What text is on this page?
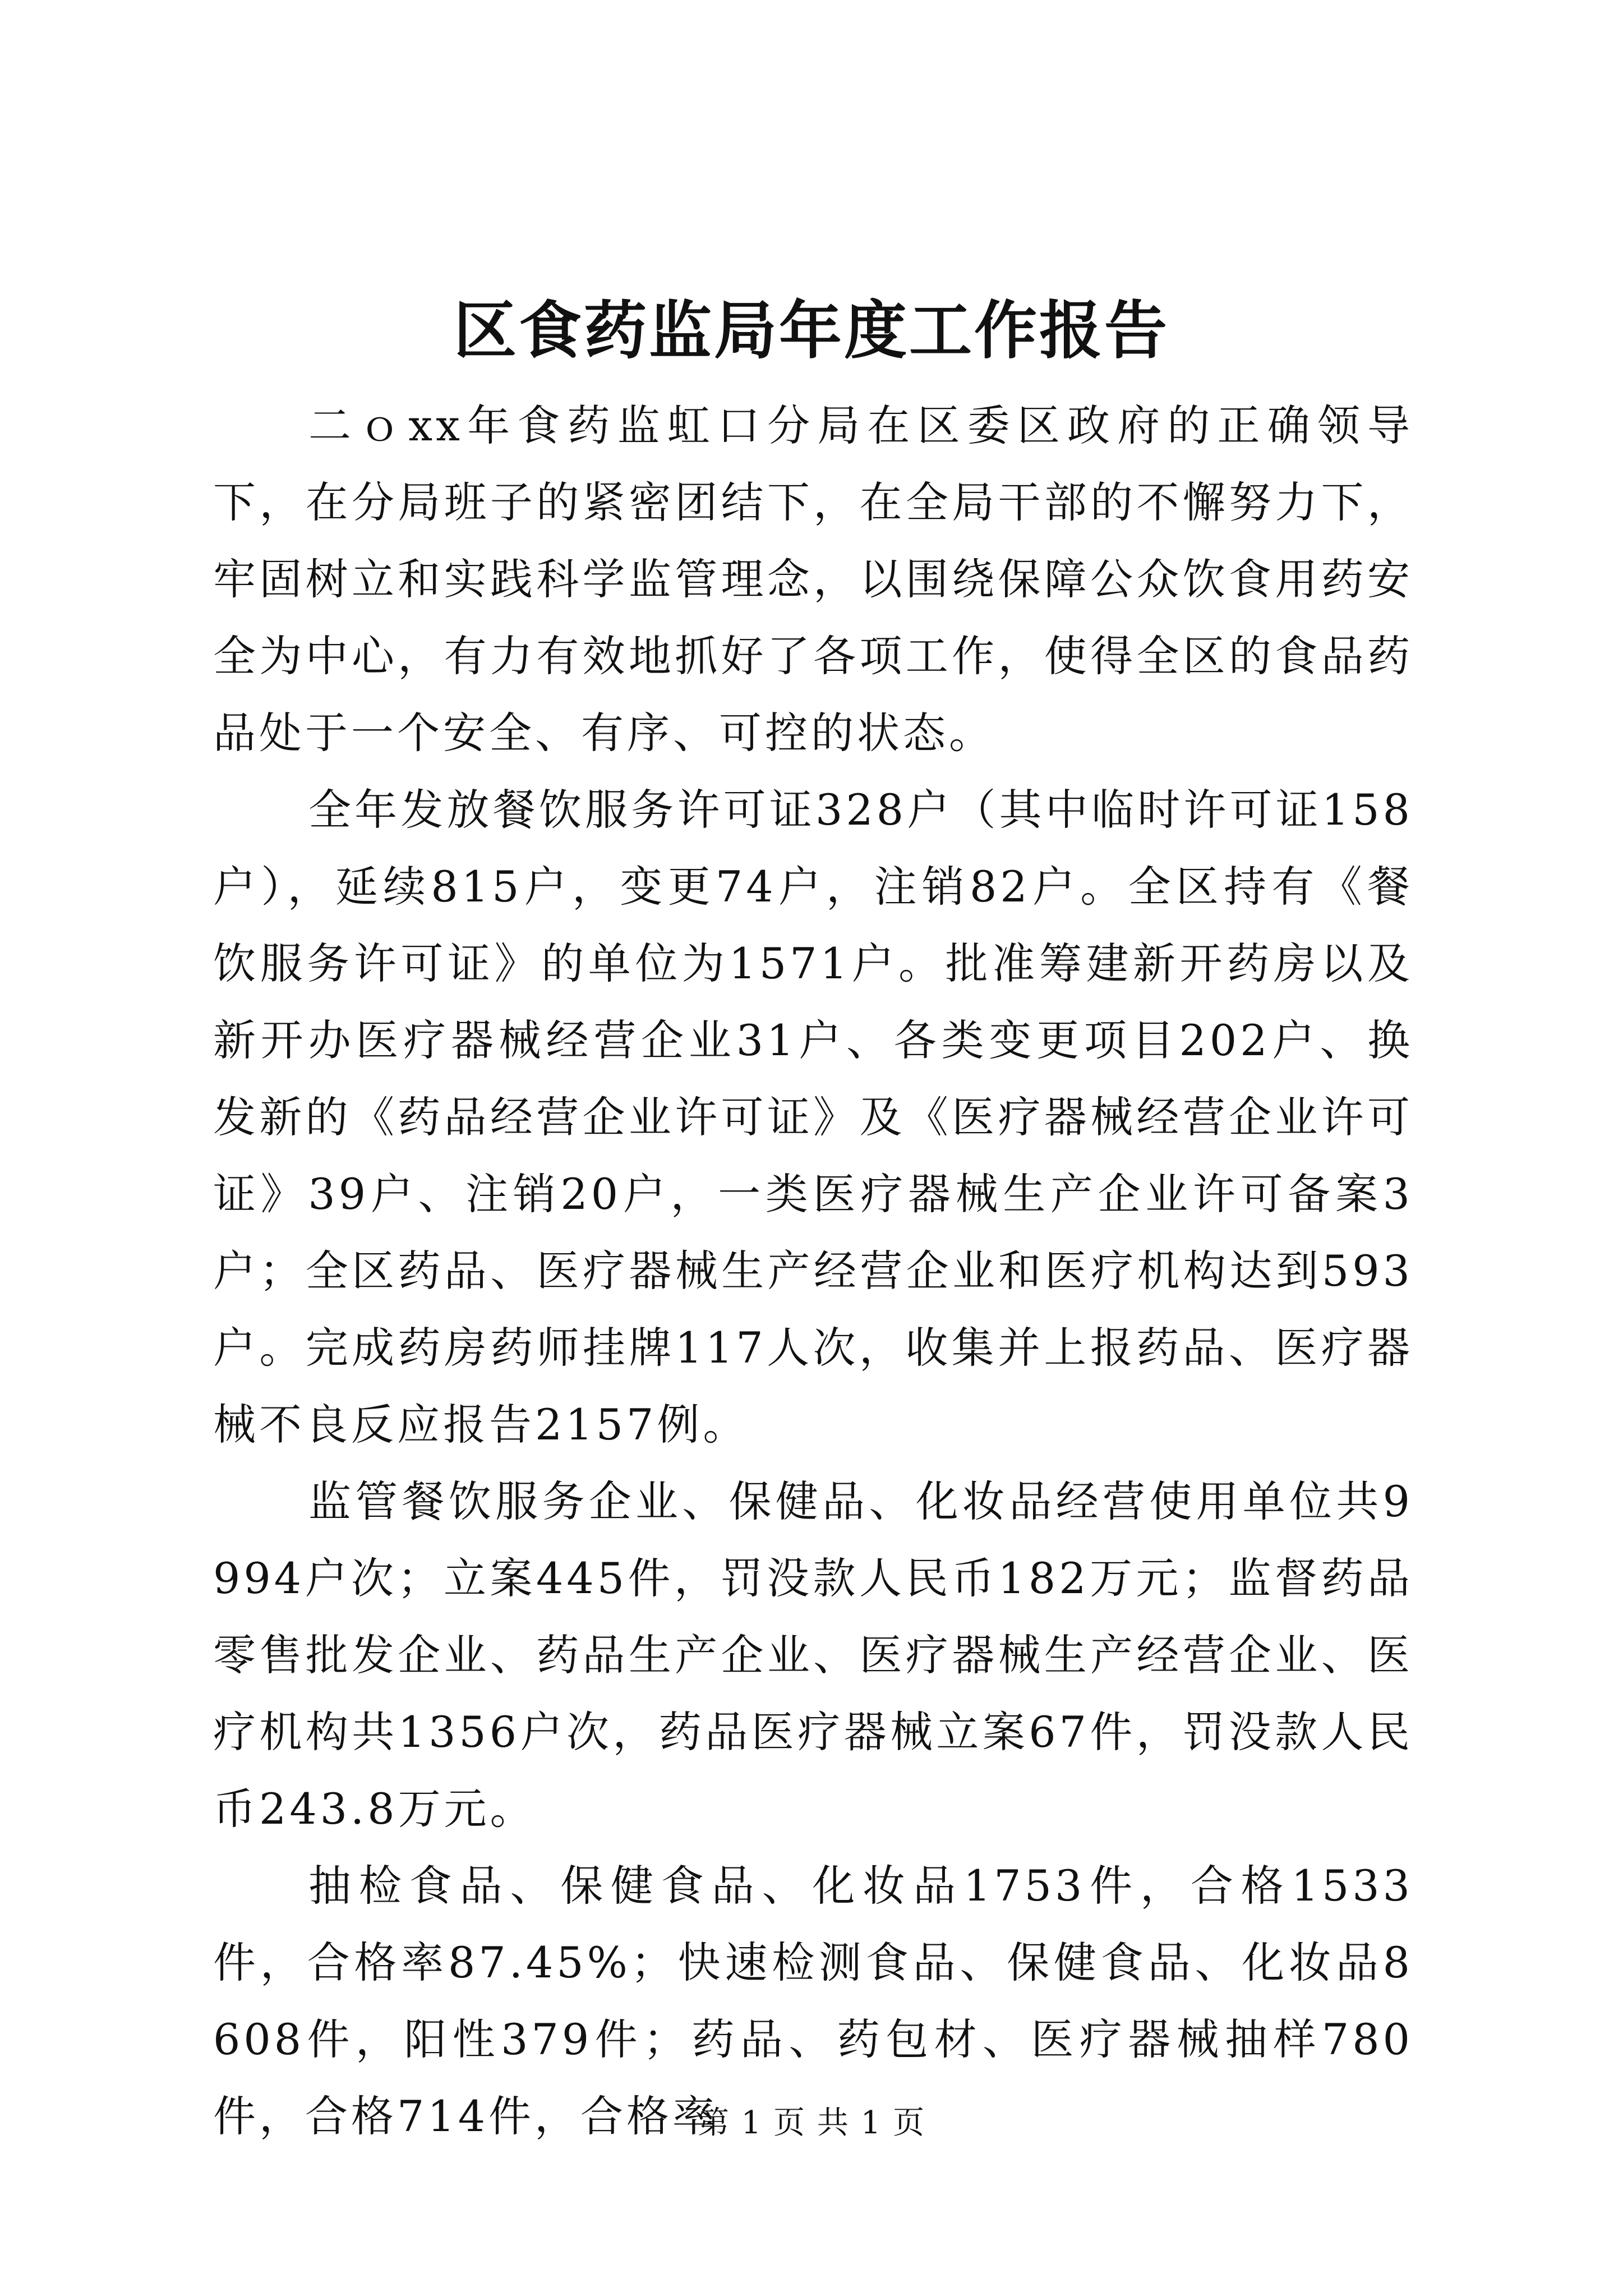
区食药监局年度工作报告

二ｏxx年食药监虹口分局在区委区政府的正确领导下，在分局班子的紧密团结下，在全局干部的不懈努力下，牢固树立和实践科学监管理念，以围绕保障公众饮食用药安全为中心，有力有效地抓好了各项工作，使得全区的食品药品处于一个安全、有序、可控的状态。

全年发放餐饮服务许可证328户（其中临时许可证158户），延续815户，变更74户，注销82户。全区持有《餐饮服务许可证》的单位为1571户。批准筹建新开药房以及新开办医疗器械经营企业31户、各类变更项目202户、换发新的《药品经营企业许可证》及《医疗器械经营企业许可证》39户、注销20户，一类医疗器械生产企业许可备案3户；全区药品、医疗器械生产经营企业和医疗机构达到593户。完成药房药师挂牌117人次，收集并上报药品、医疗器械不良反应报告2157例。

监管餐饮服务企业、保健品、化妆品经营使用单位共9994户次；立案445件，罚没款人民币182万元；监督药品零售批发企业、药品生产企业、医疗器械生产经营企业、医疗机构共1356户次，药品医疗器械立案67件，罚没款人民币243.8万元。

抽检食品、保健食品、化妆品1753件，合格1533件，合格率87.45%；快速检测食品、保健食品、化妆品8608件，阳性379件；药品、药包材、医疗器械抽样780件，合格714件，合格率

第 1 页 共 1 页
